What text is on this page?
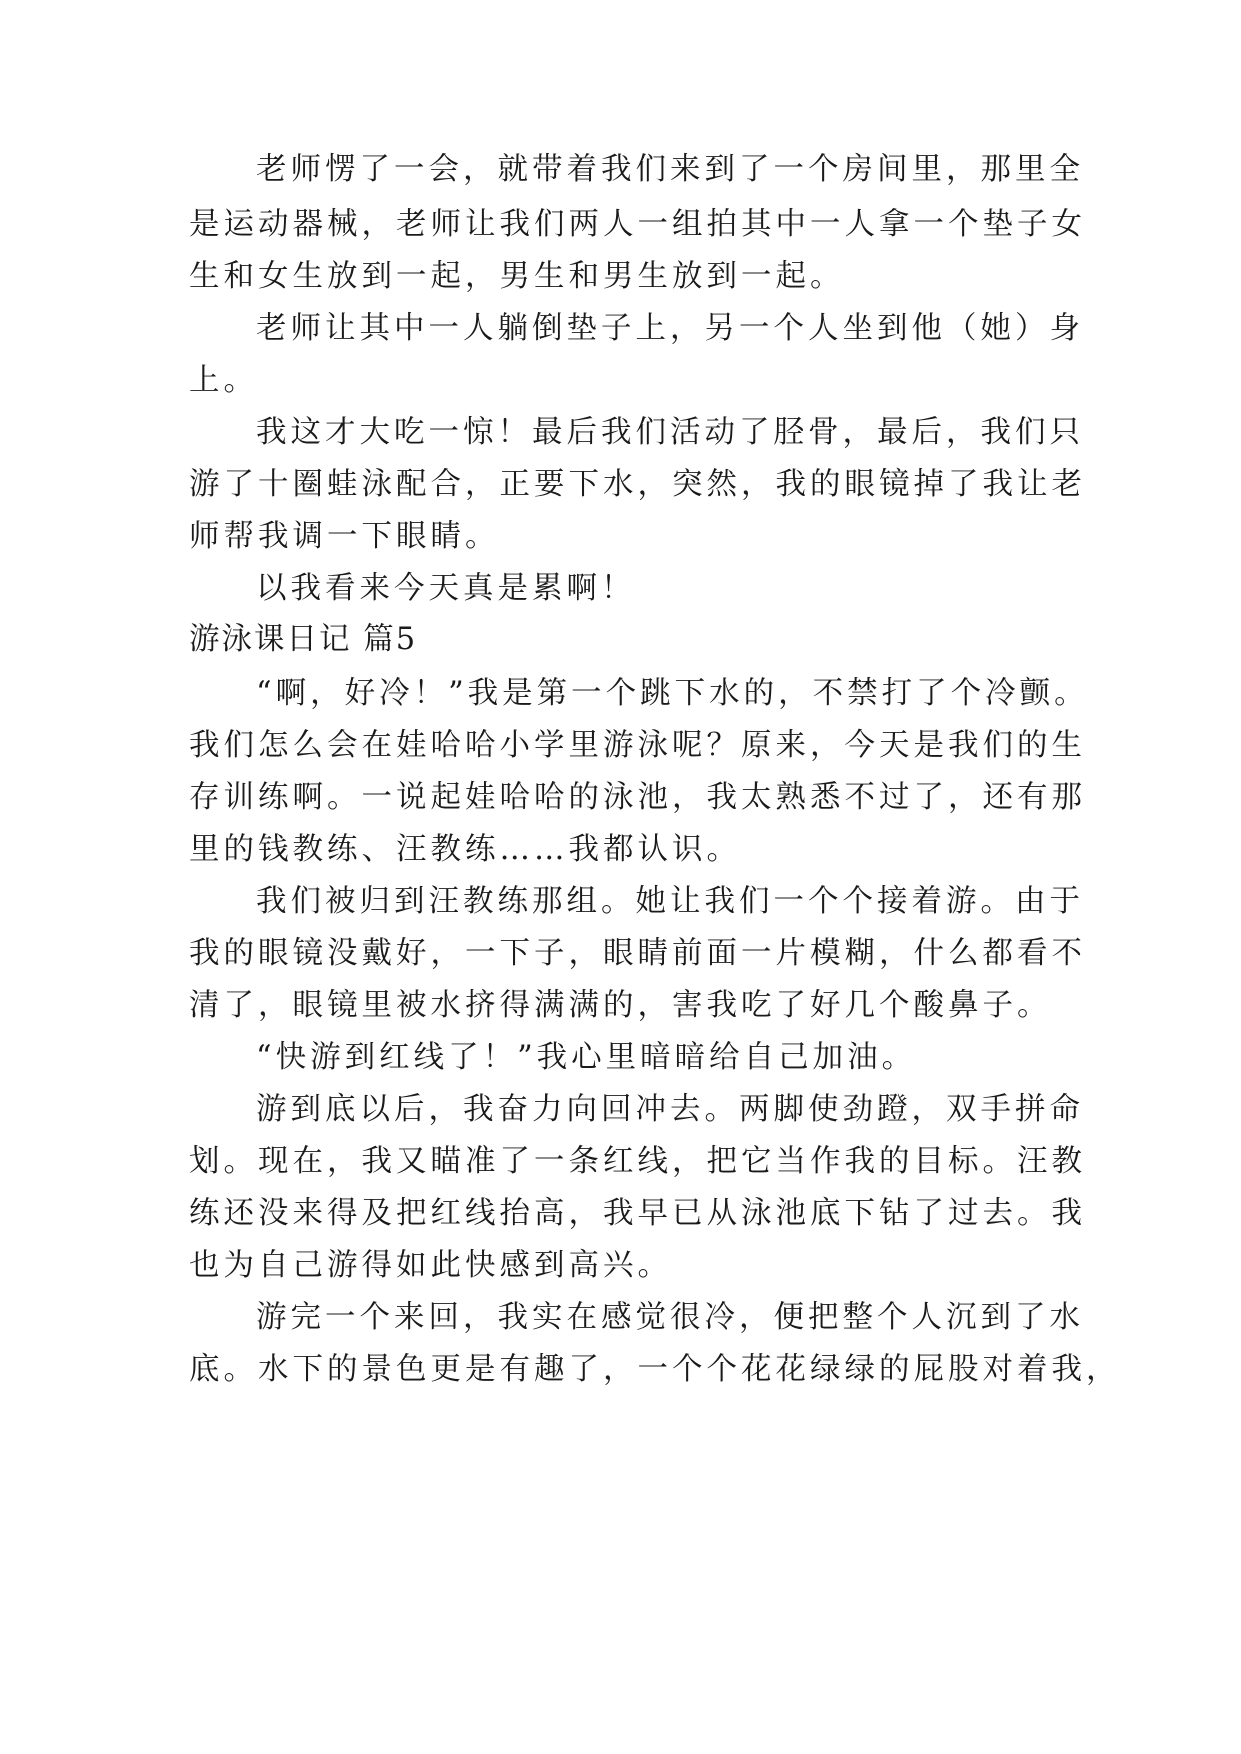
老师愣了一会，就带着我们来到了一个房间里，那里全
是运动器械，老师让我们两人一组拍其中一人拿一个垫子女
生和女生放到一起，男生和男生放到一起。
老师让其中一人躺倒垫子上，另一个人坐到他（她）身
上。
我这才大吃一惊！最后我们活动了胫骨，最后，我们只
游了十圈蛙泳配合，正要下水，突然，我的眼镜掉了我让老
师帮我调一下眼睛。
以我看来今天真是累啊！
游泳课日记 篇5
“啊，好冷！”我是第一个跳下水的，不禁打了个冷颤。
我们怎么会在娃哈哈小学里游泳呢？原来，今天是我们的生
存训练啊。一说起娃哈哈的泳池，我太熟悉不过了，还有那
里的钱教练、汪教练……我都认识。
我们被归到汪教练那组。她让我们一个个接着游。由于
我的眼镜没戴好，一下子，眼睛前面一片模糊，什么都看不
清了，眼镜里被水挤得满满的，害我吃了好几个酸鼻子。
“快游到红线了！”我心里暗暗给自己加油。
游到底以后，我奋力向回冲去。两脚使劲蹬，双手拼命
划。现在，我又瞄准了一条红线，把它当作我的目标。汪教
练还没来得及把红线抬高，我早已从泳池底下钻了过去。我
也为自己游得如此快感到高兴。
游完一个来回，我实在感觉很冷，便把整个人沉到了水
底。水下的景色更是有趣了，一个个花花绿绿的屁股对着我，
